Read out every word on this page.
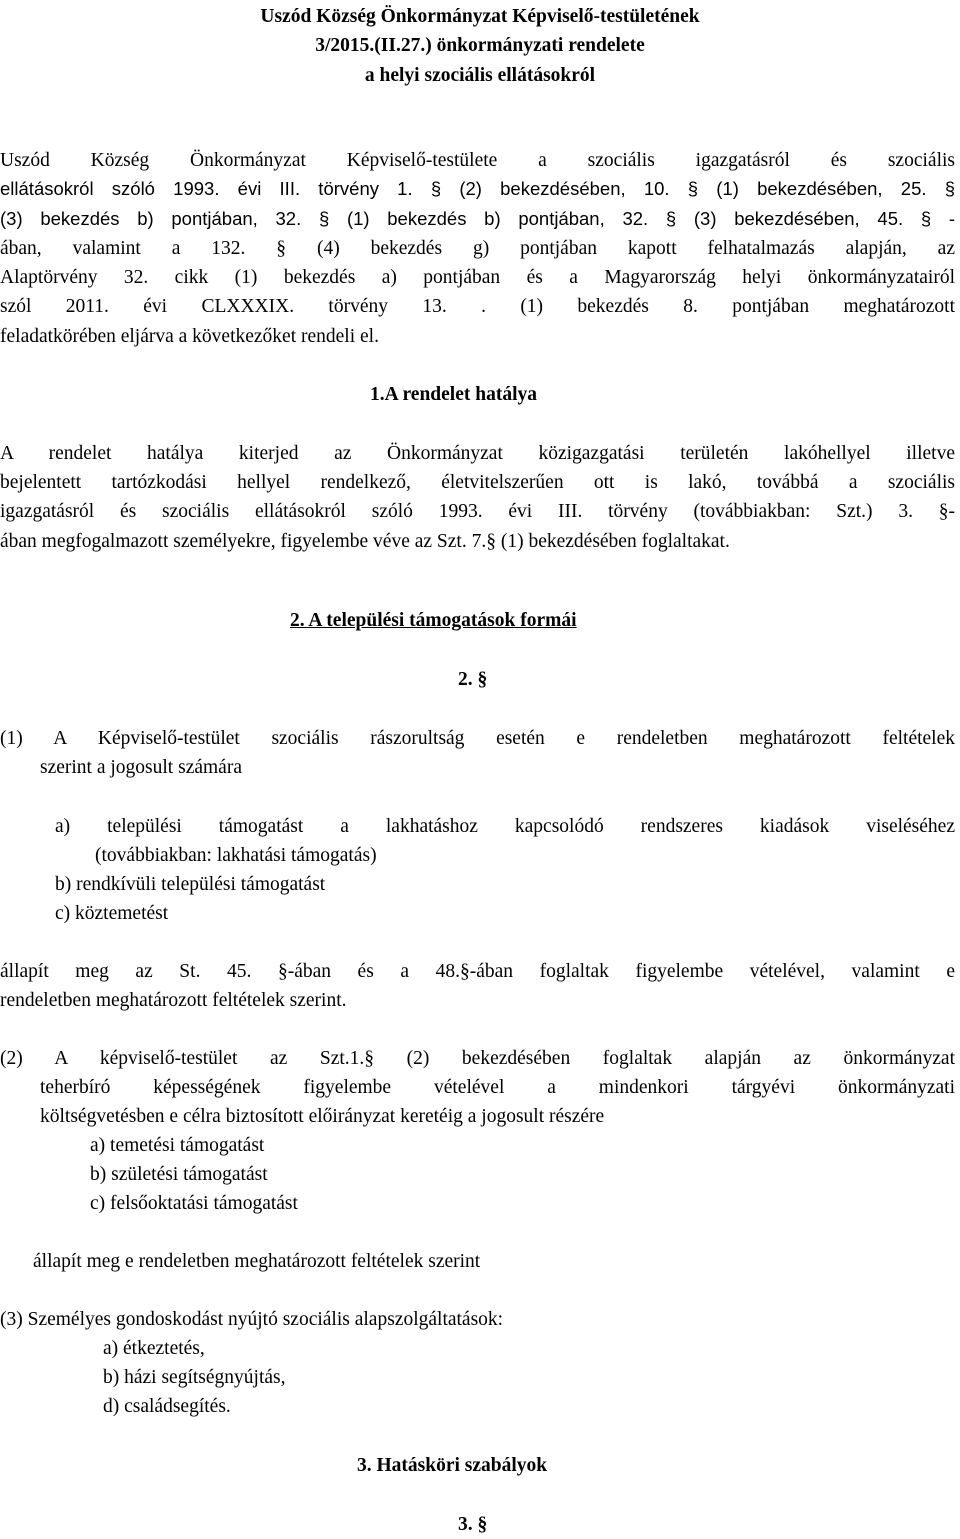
Uszód Község Önkormányzat Képviselő-testületének
3/2015.(II.27.) önkormányzati rendelete
a helyi szociális ellátásokról
Uszód Község Önkormányzat Képviselő-testülete a szociális igazgatásról és szociális
ellátásokról szóló 1993. évi III. törvény 1. § (2) bekezdésében, 10. § (1) bekezdésében, 25. §
(3) bekezdés b) pontjában, 32. § (1) bekezdés b) pontjában, 32. § (3) bekezdésében, 45. § -
ában, valamint a 132. § (4) bekezdés g) pontjában kapott felhatalmazás alapján, az
Alaptörvény 32. cikk (1) bekezdés a) pontjában és a Magyarország helyi önkormányzatairól
szól 2011. évi CLXXXIX. törvény 13. . (1) bekezdés 8. pontjában meghatározott
feladatkörében eljárva a következőket rendeli el.
1.A rendelet hatálya
A rendelet hatálya kiterjed az Önkormányzat közigazgatási területén lakóhellyel illetve
bejelentett tartózkodási hellyel rendelkező, életvitelszerűen ott is lakó, továbbá a szociális
igazgatásról és szociális ellátásokról szóló 1993. évi III. törvény (továbbiakban: Szt.) 3. §-
ában megfogalmazott személyekre, figyelembe véve az Szt. 7.§ (1) bekezdésében foglaltakat.
2. A települési támogatások formái
2. §
(1) A Képviselő-testület szociális rászorultság esetén e rendeletben meghatározott feltételek
szerint a jogosult számára
a) települési támogatást a lakhatáshoz kapcsolódó rendszeres kiadások viseléséhez
(továbbiakban: lakhatási támogatás)
b) rendkívüli települési támogatást
c) köztemetést
állapít meg az St. 45. §-ában és a 48.§-ában foglaltak figyelembe vételével, valamint e
rendeletben meghatározott feltételek szerint.
(2) A képviselő-testület az Szt.1.§ (2) bekezdésében foglaltak alapján az önkormányzat
teherbíró képességének figyelembe vételével a mindenkori tárgyévi önkormányzati
költségvetésben e célra biztosított előirányzat keretéig a jogosult részére
a) temetési támogatást
b) születési támogatást
c) felsőoktatási támogatást
állapít meg e rendeletben meghatározott feltételek szerint
(3) Személyes gondoskodást nyújtó szociális alapszolgáltatások:
a) étkeztetés,
b) házi segítségnyújtás,
d) családsegítés.
3. Hatásköri szabályok
3. §
